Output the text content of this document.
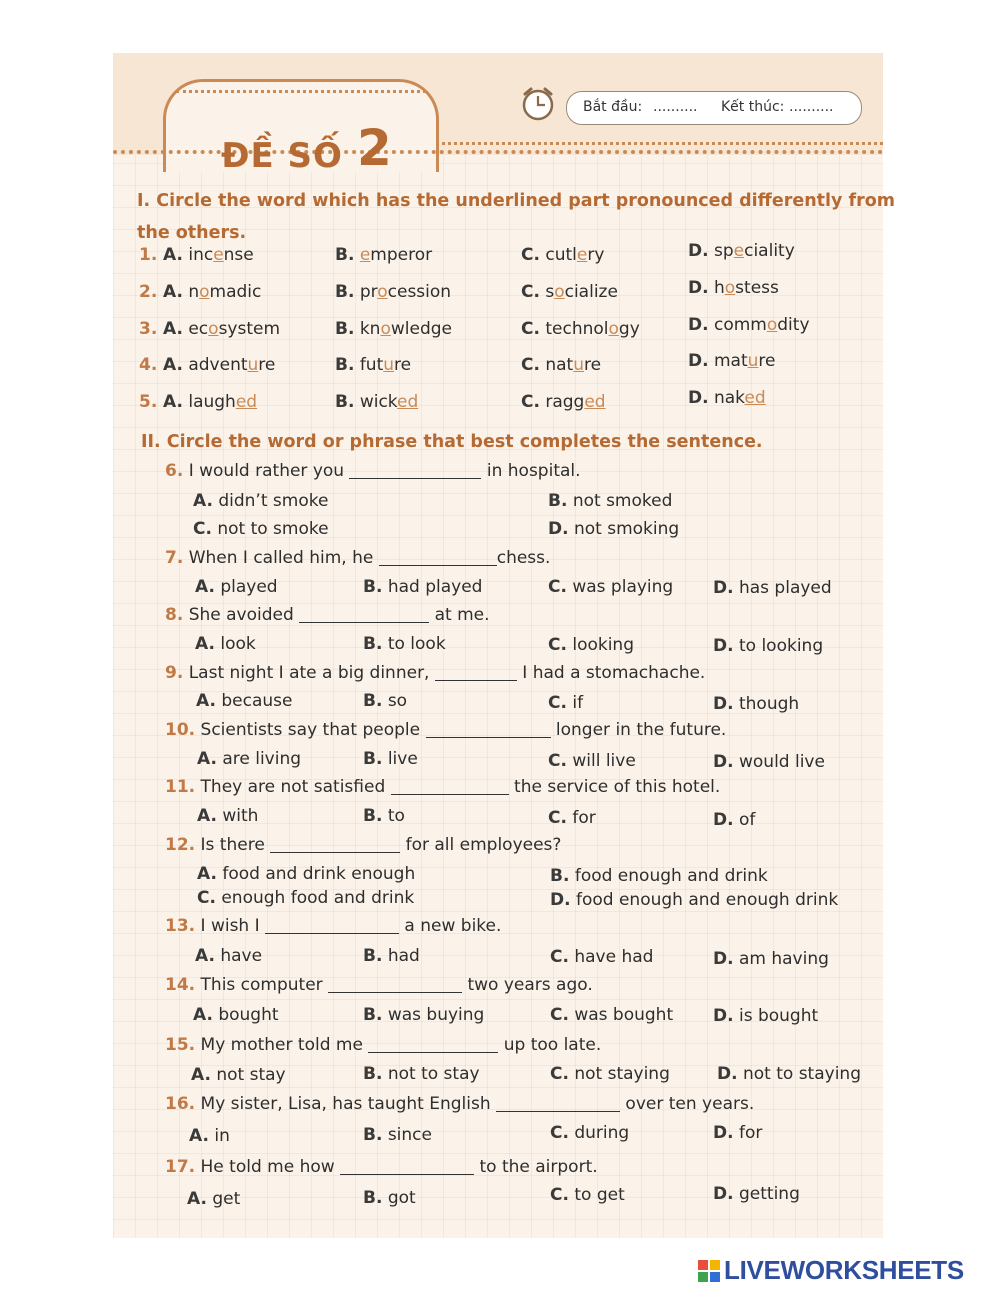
ĐỀ SỐ 2
Bắt đầu: .......... Kết thúc: ..........
I. Circle the word which has the underlined part pronounced differently from
the others.
1. A. incense	B. emperor	C. cutlery	D. speciality
2. A. nomadic	B. procession	C. socialize	D. hostess
3. A. ecosystem	B. knowledge	C. technology	D. commodity
4. A. adventure	B. future	C. nature	D. mature
5. A. laughed	B. wicked	C. ragged	D. naked
II. Circle the word or phrase that best completes the sentence.
6. I would rather you	in hospital.
A. didn’t smoke	B. not smoked
C. not to smoke	D. not smoking
7. When I called him, he	chess.
A. played	B. had played	C. was playing D. has played
8. She avoided	at me.
A. look	B. to look	C. looking	D. to looking
9. Last night I ate a big dinner,	I had a stomachache.
A. because	B. so	C. if	D. though
10. Scientists say that people	longer in the future.
A. are living	B. live	C. will live	D. would live
11. They are not satisfied	the service of this hotel.
A. with	B. to	C. for	D. of
12. Is there	for all employees?
A. food and drink enough	B. food enough and drink
C. enough food and drink	D. food enough and enough drink
13. I wish I	a new bike.
A. have	B. had	C. have had	D. am having
14. This computer	two years ago.
A. bought	B. was buying	C. was bought D. is bought
15. My mother told me	up too late.
A. not stay	B. not to stay	C. not staying	D. not to staying
16. My sister, Lisa, has taught English	over ten years.
A. in	B. since	C. during	D. for
17. He told me how	to the airport.
A. get	B. got	C. to get	D. getting
LIVEWORKSHEETS
